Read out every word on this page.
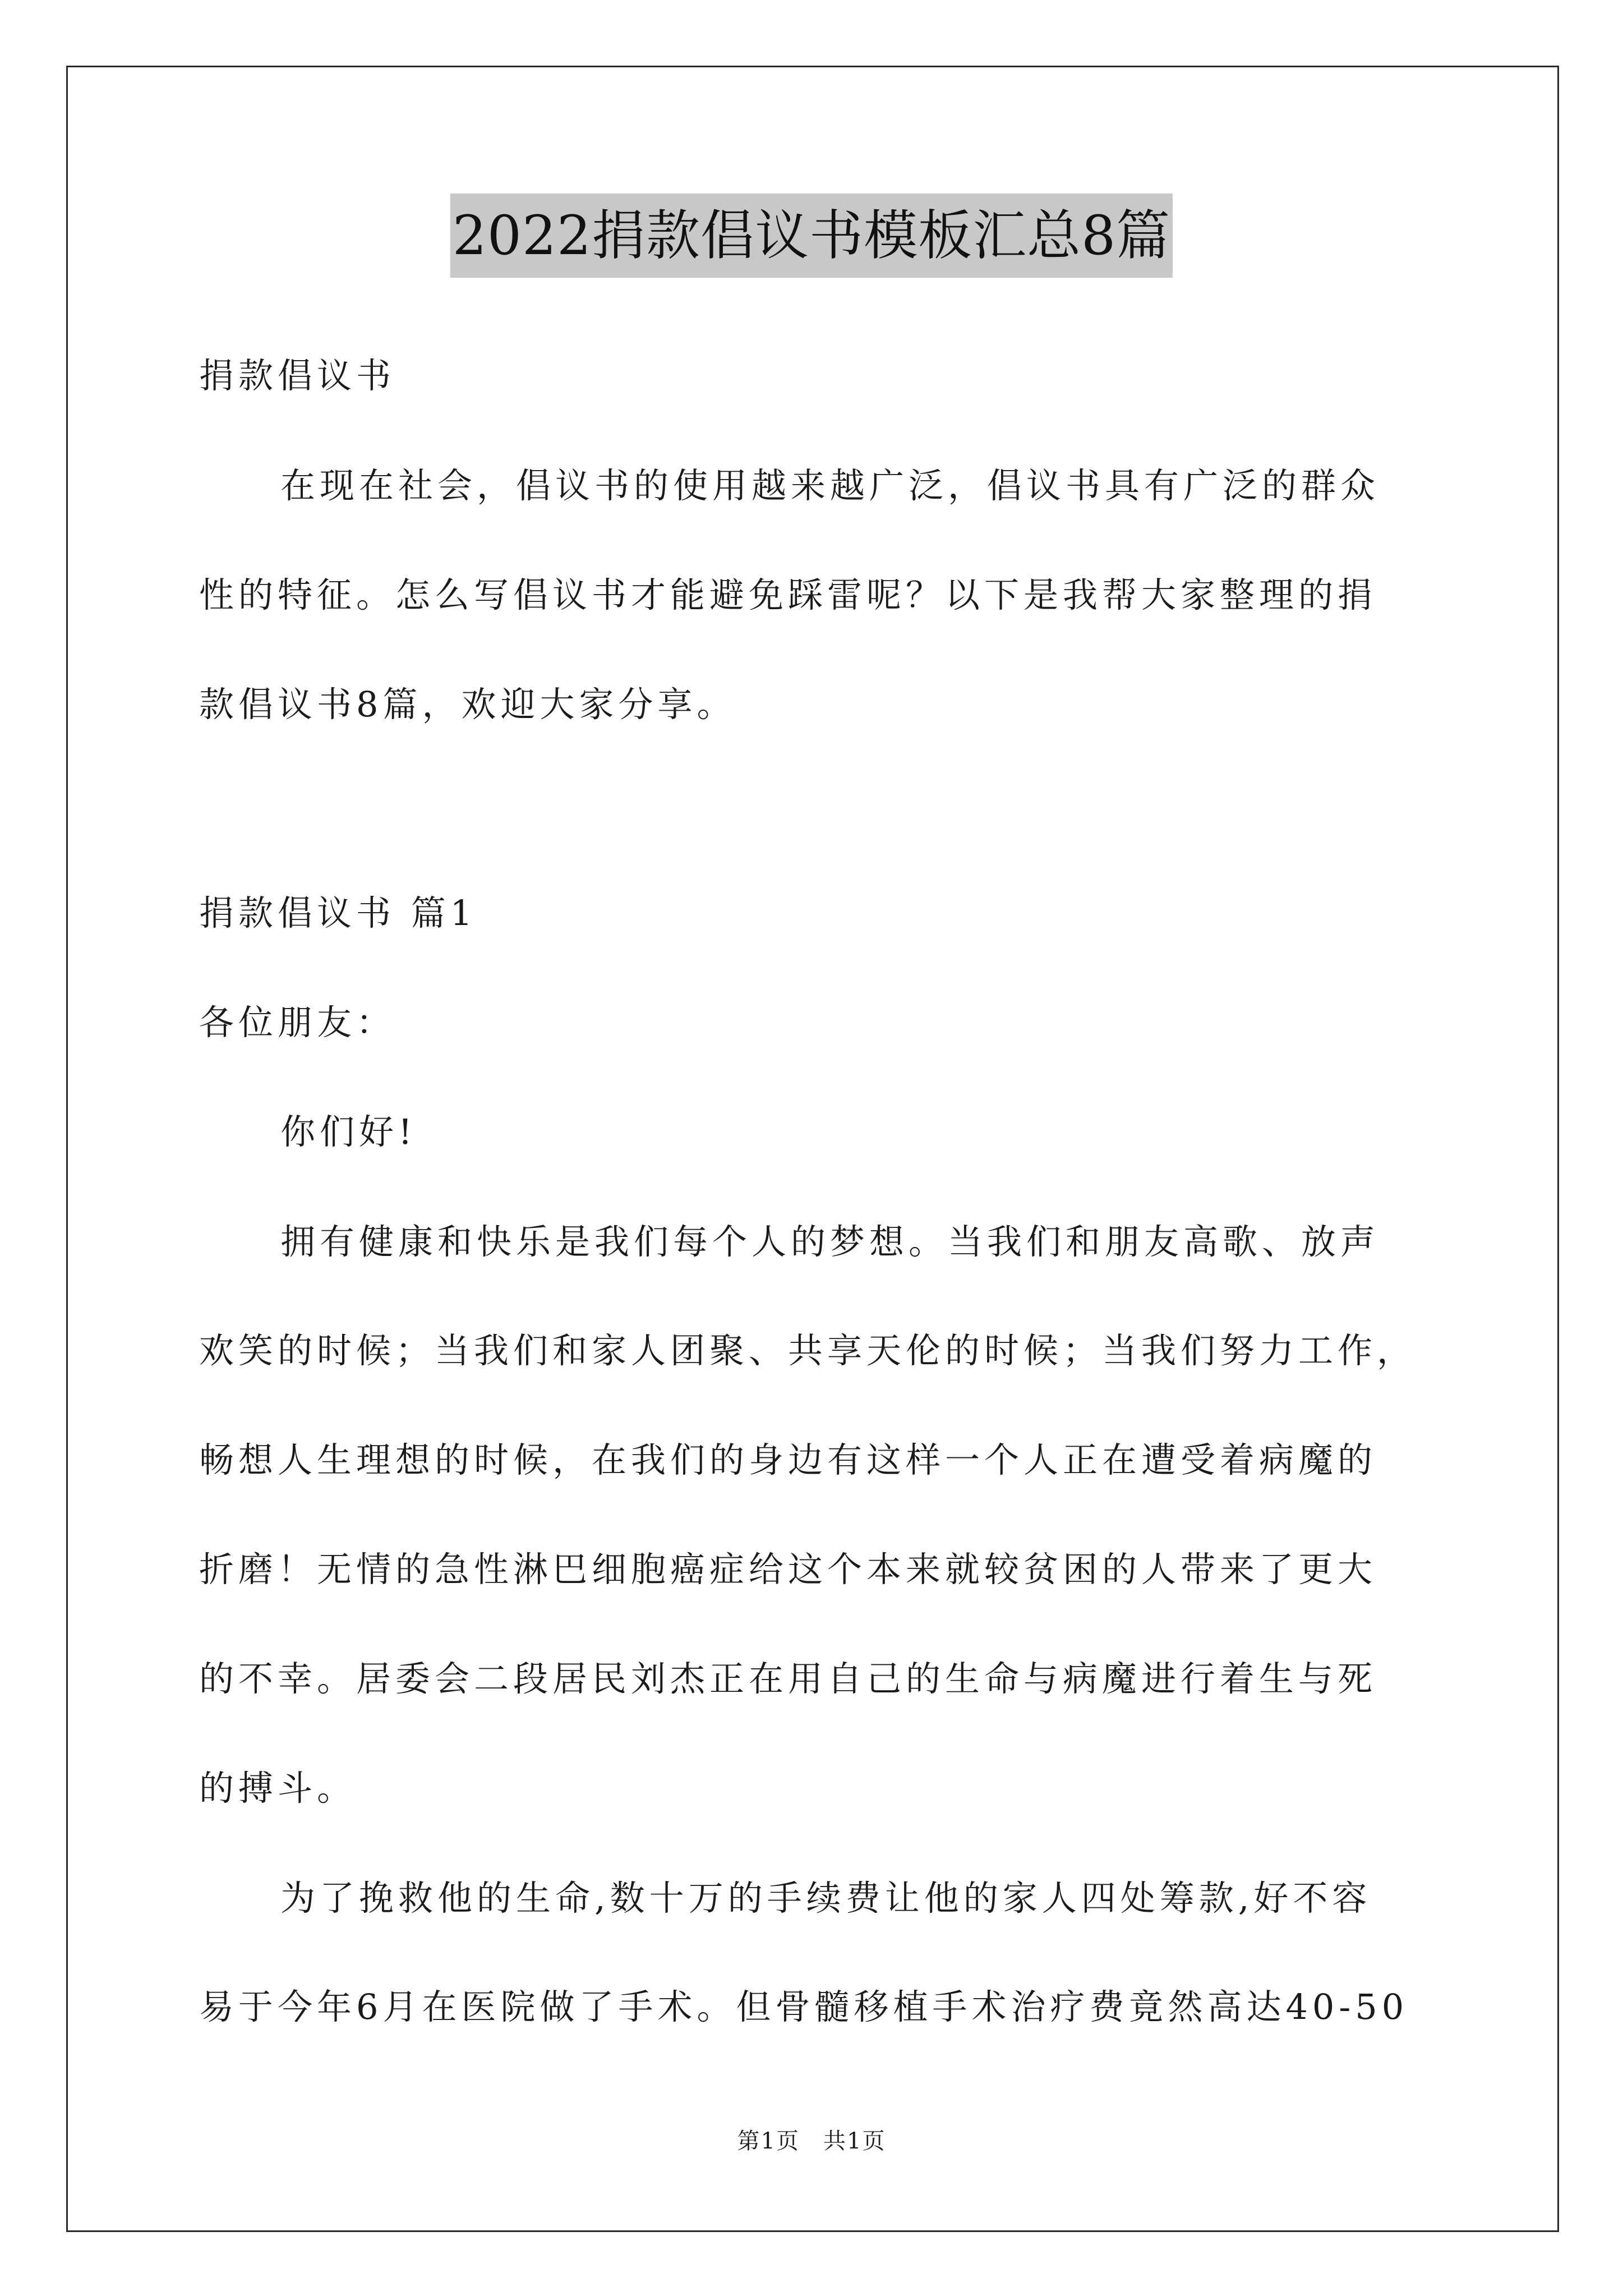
2022捐款倡议书模板汇总8篇
捐款倡议书
在现在社会，倡议书的使用越来越广泛，倡议书具有广泛的群众
性的特征。怎么写倡议书才能避免踩雷呢？以下是我帮大家整理的捐
款倡议书8篇，欢迎大家分享。
捐款倡议书 篇1
各位朋友：
你们好!
拥有健康和快乐是我们每个人的梦想。当我们和朋友高歌、放声
欢笑的时候；当我们和家人团聚、共享天伦的时候；当我们努力工作，
畅想人生理想的时候，在我们的身边有这样一个人正在遭受着病魔的
折磨！无情的急性淋巴细胞癌症给这个本来就较贫困的人带来了更大
的不幸。居委会二段居民刘杰正在用自己的生命与病魔进行着生与死
的搏斗。
为了挽救他的生命,数十万的手续费让他的家人四处筹款,好不容
易于今年6月在医院做了手术。但骨髓移植手术治疗费竟然高达40-50
第1页　共1页
